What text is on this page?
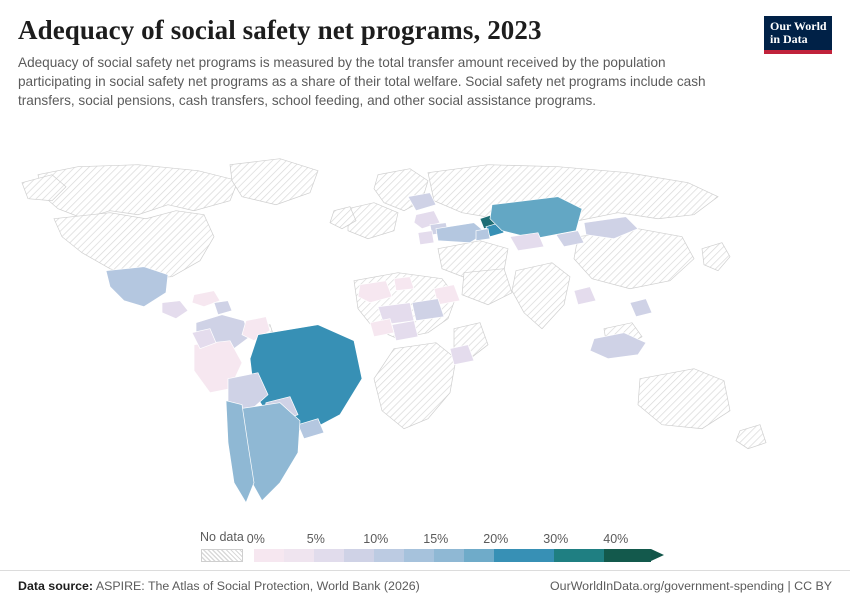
Adequacy of social safety net programs, 2023

Adequacy of social safety net programs is measured by the total transfer amount received by the population participating in social safety net programs as a share of their total welfare. Social safety net programs include cash transfers, social pensions, cash transfers, school feeding, and other social assistance programs.

Our World
in Data
No data 0%	5%	10%	15%	20%	30%	40%
Data source: ASPIRE: The Atlas of Social Protection, World Bank (2026)	OurWorldInData.org/government-spending | CC BY
